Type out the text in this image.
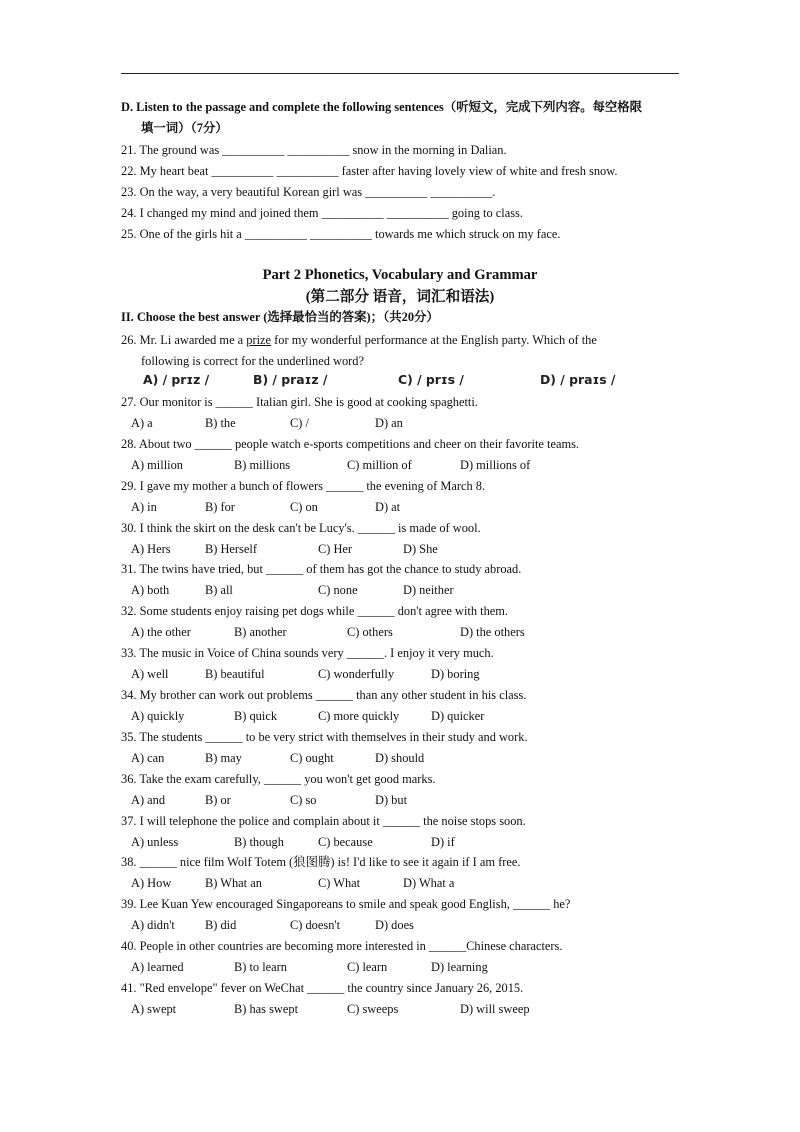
D. Listen to the passage and complete the following sentences（听短文，完成下列内容。每空格限
填一词）（7分）
21. The ground was __________ __________ snow in the morning in Dalian.
22. My heart beat __________ __________ faster after having lovely view of white and fresh snow.
23. On the way, a very beautiful Korean girl was __________ __________.
24. I changed my mind and joined them __________ __________ going to class.
25. One of the girls hit a __________ __________ towards me which struck on my face.
Part 2 Phonetics, Vocabulary and Grammar
(第二部分 语音，词汇和语法)
II. Choose the best answer (选择最恰当的答案)；（共20分）
26. Mr. Li awarded me a prize for my wonderful performance at the English party. Which of the
following is correct for the underlined word?
A) / prɪz /	B) / praɪz /	C) / prɪs /	D) / praɪs /
27. Our monitor is ______ Italian girl. She is good at cooking spaghetti.
A) a	B) the	C) /	D) an
28. About two ______ people watch e-sports competitions and cheer on their favorite teams.
A) million	B) millions	C) million of	D) millions of
29. I gave my mother a bunch of flowers ______ the evening of March 8.
A) in	B) for	C) on	D) at
30. I think the skirt on the desk can't be Lucy's. ______ is made of wool.
A) Hers	B) Herself	C) Her	D) She
31. The twins have tried, but ______ of them has got the chance to study abroad.
A) both	B) all	C) none	D) neither
32. Some students enjoy raising pet dogs while ______ don't agree with them.
A) the other	B) another	C) others	D) the others
33. The music in Voice of China sounds very ______. I enjoy it very much.
A) well	B) beautiful	C) wonderfully	D) boring
34. My brother can work out problems ______ than any other student in his class.
A) quickly	B) quick	C) more quickly	D) quicker
35. The students ______ to be very strict with themselves in their study and work.
A) can	B) may	C) ought	D) should
36. Take the exam carefully, ______ you won't get good marks.
A) and	B) or	C) so	D) but
37. I will telephone the police and complain about it ______ the noise stops soon.
A) unless	B) though	C) because	D) if
38. ______ nice film Wolf Totem (狼图腾) is! I'd like to see it again if I am free.
A) How	B) What an	C) What	D) What a
39. Lee Kuan Yew encouraged Singaporeans to smile and speak good English, ______ he?
A) didn't B) did	C) doesn't	D) does
40. People in other countries are becoming more interested in ______Chinese characters.
A) learned	B) to learn	C) learn	D) learning
41. "Red envelope" fever on WeChat ______ the country since January 26, 2015.
A) swept	B) has swept	C) sweeps	D) will sweep
